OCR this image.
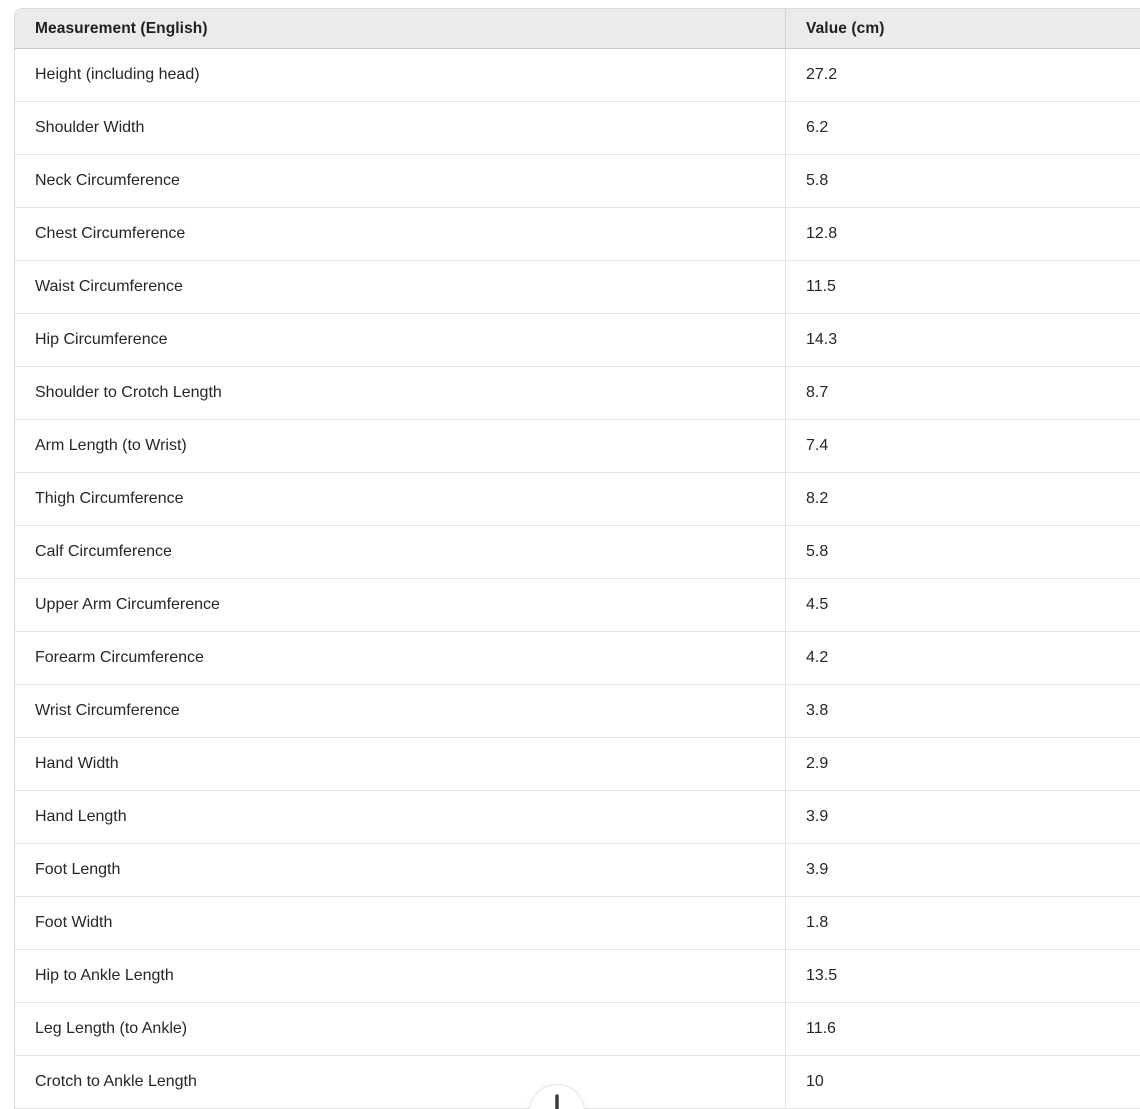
Measurement (English)	Value (cm)
Height (including head)	27.2
Shoulder Width	6.2
Neck Circumference	5.8
Chest Circumference	12.8
Waist Circumference	11.5
Hip Circumference	14.3
Shoulder to Crotch Length	8.7
Arm Length (to Wrist)	7.4
Thigh Circumference	8.2
Calf Circumference	5.8
Upper Arm Circumference	4.5
Forearm Circumference	4.2
Wrist Circumference	3.8
Hand Width	2.9
Hand Length	3.9
Foot Length	3.9
Foot Width	1.8
Hip to Ankle Length	13.5
Leg Length (to Ankle)	11.6
Crotch to Ankle Length	10
